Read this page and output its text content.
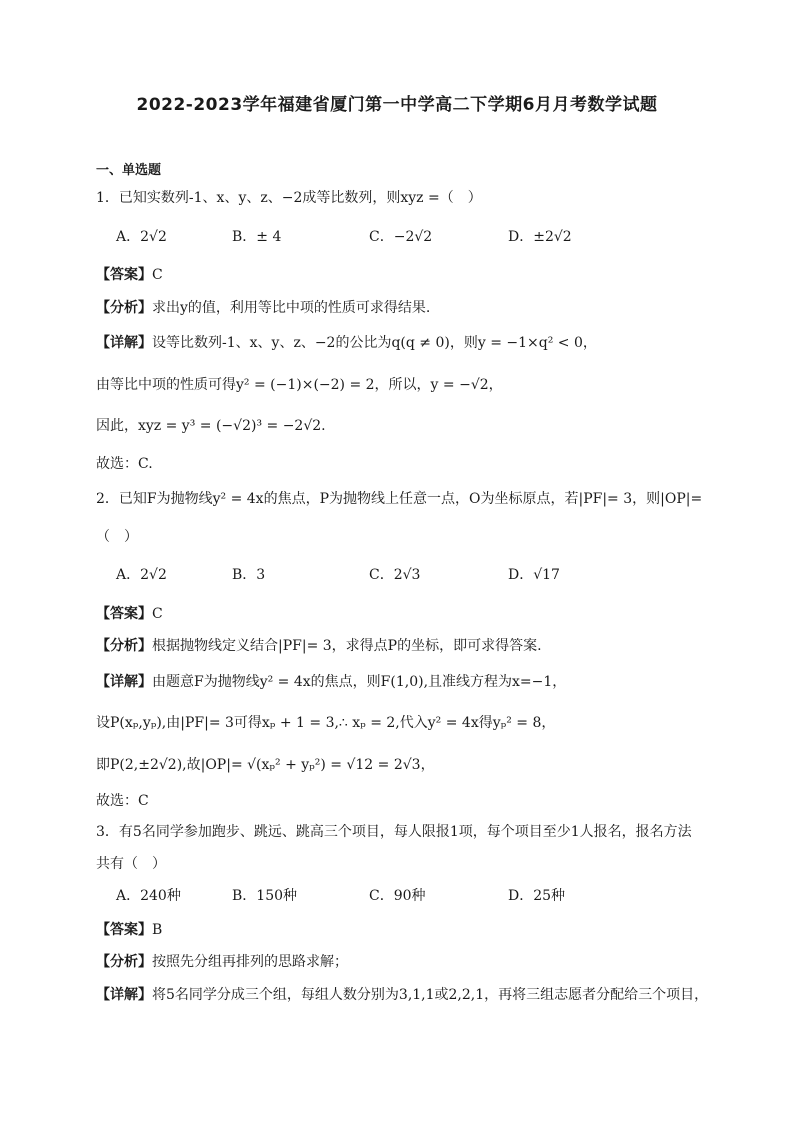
2022-2023学年福建省厦门第一中学高二下学期6月月考数学试题
一、单选题
1．已知实数列-1、x、y、z、−2成等比数列，则xyz =（　）
A．2√2	B．± 4	C．−2√2	D．±2√2
【答案】C
【分析】求出y的值，利用等比中项的性质可求得结果.
【详解】设等比数列-1、x、y、z、−2的公比为q(q ≠ 0)，则y = −1×q² < 0，
由等比中项的性质可得y² = (−1)×(−2) = 2，所以，y = −√2，
因此，xyz = y³ = (−√2)³ = −2√2.
故选：C.
2．已知F为抛物线y² = 4x的焦点，P为抛物线上任意一点，O为坐标原点，若|PF|= 3，则|OP|=
（　）
A．2√2	B．3	C．2√3	D．√17
【答案】C
【分析】根据抛物线定义结合|PF|= 3，求得点P的坐标，即可求得答案.
【详解】由题意F为抛物线y² = 4x的焦点，则F(1,0),且准线方程为x=−1，
设P(xₚ,yₚ),由|PF|= 3可得xₚ + 1 = 3,∴ xₚ = 2,代入y² = 4x得yₚ² = 8，
即P(2,±2√2),故|OP|= √(xₚ² + yₚ²) = √12 = 2√3，
故选：C
3．有5名同学参加跑步、跳远、跳高三个项目，每人限报1项，每个项目至少1人报名，报名方法
共有（　）
A．240种	B．150种	C．90种	D．25种
【答案】B
【分析】按照先分组再排列的思路求解；
【详解】将5名同学分成三个组，每组人数分别为3,1,1或2,2,1，再将三组志愿者分配给三个项目，
